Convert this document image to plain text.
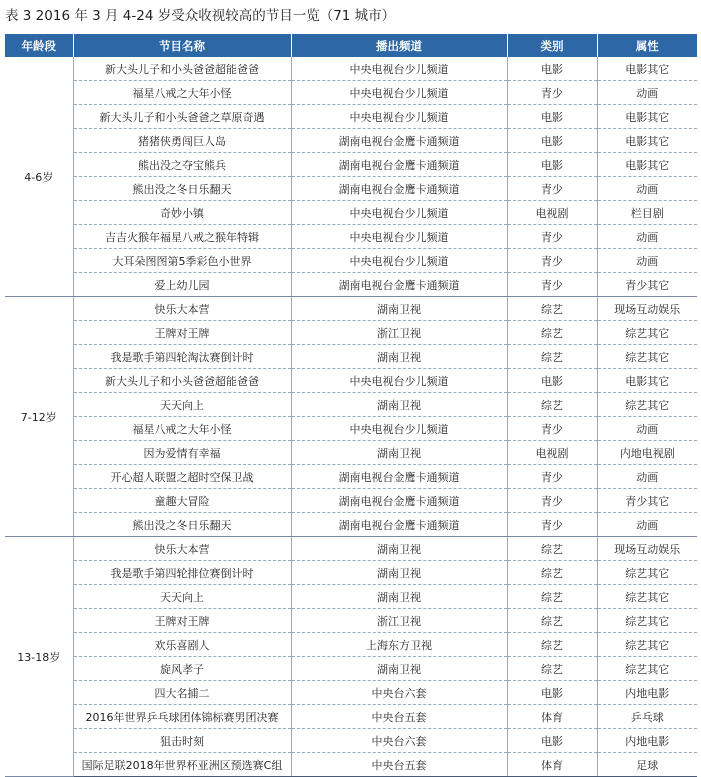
表 3 2016 年 3 月 4-24 岁受众收视较高的节目一览（71 城市）
年龄段	节目名称	播出频道	类别	属性
4-6岁	新大头儿子和小头爸爸超能爸爸	中央电视台少儿频道	电影	电影其它
	福星八戒之大年小怪	中央电视台少儿频道	青少	动画
	新大头儿子和小头爸爸之草原奇遇	中央电视台少儿频道	电影	电影其它
	猪猪侠勇闯巨人岛	湖南电视台金鹰卡通频道	电影	电影其它
	熊出没之夺宝熊兵	湖南电视台金鹰卡通频道	电影	电影其它
	熊出没之冬日乐翻天	湖南电视台金鹰卡通频道	青少	动画
	奇妙小镇	中央电视台少儿频道	电视剧	栏目剧
	吉吉火猴年福星八戒之猴年特辑	中央电视台少儿频道	青少	动画
	大耳朵图图第5季彩色小世界	中央电视台少儿频道	青少	动画
	爱上幼儿园	湖南电视台金鹰卡通频道	青少	青少其它
7-12岁	快乐大本营	湖南卫视	综艺	现场互动娱乐
	王牌对王牌	浙江卫视	综艺	综艺其它
	我是歌手第四轮淘汰赛倒计时	湖南卫视	综艺	综艺其它
	新大头儿子和小头爸爸超能爸爸	中央电视台少儿频道	电影	电影其它
	天天向上	湖南卫视	综艺	综艺其它
	福星八戒之大年小怪	中央电视台少儿频道	青少	动画
	因为爱情有幸福	湖南卫视	电视剧	内地电视剧
	开心超人联盟之超时空保卫战	湖南电视台金鹰卡通频道	青少	动画
	童趣大冒险	湖南电视台金鹰卡通频道	青少	青少其它
	熊出没之冬日乐翻天	湖南电视台金鹰卡通频道	青少	动画
13-18岁	快乐大本营	湖南卫视	综艺	现场互动娱乐
	我是歌手第四轮排位赛倒计时	湖南卫视	综艺	综艺其它
	天天向上	湖南卫视	综艺	综艺其它
	王牌对王牌	浙江卫视	综艺	综艺其它
	欢乐喜剧人	上海东方卫视	综艺	综艺其它
	旋风孝子	湖南卫视	综艺	综艺其它
	四大名捕二	中央台六套	电影	内地电影
	2016年世界乒乓球团体锦标赛男团决赛	中央台五套	体育	乒乓球
	狙击时刻	中央台六套	电影	内地电影
	国际足联2018年世界杯亚洲区预选赛C组	中央台五套	体育	足球
